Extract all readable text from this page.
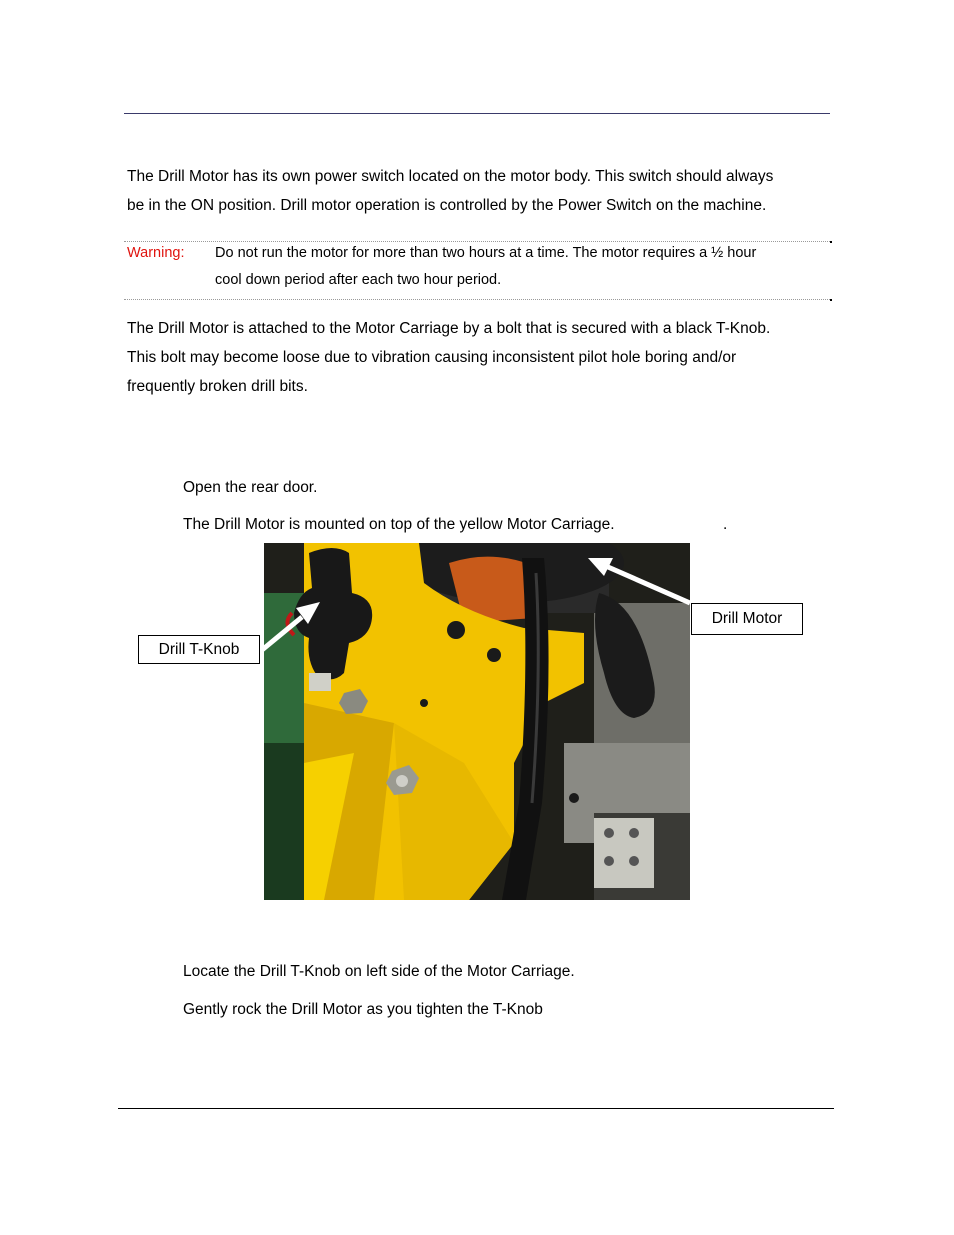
The Drill Motor has its own power switch located on the motor body. This switch should always
be in the ON position. Drill motor operation is controlled by the Power Switch on the machine.
Warning: Do not run the motor for more than two hours at a time. The motor requires a ½ hour
cool down period after each two hour period.
The Drill Motor is attached to the Motor Carriage by a bolt that is secured with a black T-Knob.
This bolt may become loose due to vibration causing inconsistent pilot hole boring and/or
frequently broken drill bits.
Open the rear door.
The Drill Motor is mounted on top of the yellow Motor Carriage.	.
Drill T-Knob
Drill Motor
Locate the Drill T-Knob on left side of the Motor Carriage.
Gently rock the Drill Motor as you tighten the T-Knob
